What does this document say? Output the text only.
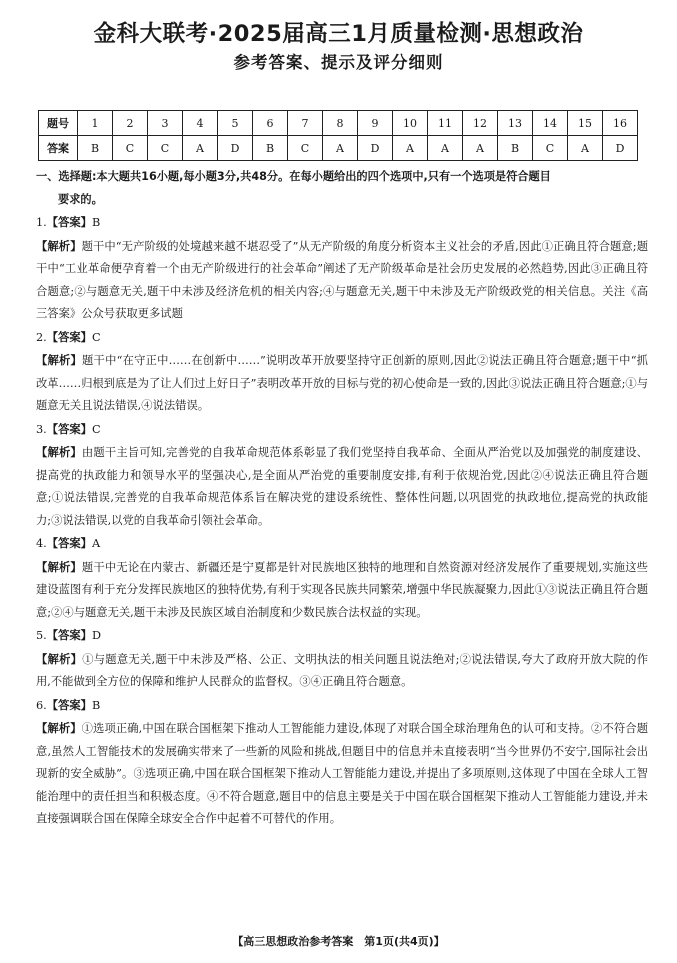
金科大联考·2025届高三1月质量检测·思想政治
参考答案、提示及评分细则
题号	1	2	3	4	5	6	7	8	9	10	11	12	13	14	15	16
答案	B	C	C	A	D	B	C	A	D	A	A	A	B	C	A	D
一、选择题:本大题共16小题,每小题3分,共48分。在每小题给出的四个选项中,只有一个选项是符合题目
要求的。
1.【答案】B
【解析】题干中“无产阶级的处境越来越不堪忍受了”从无产阶级的角度分析资本主义社会的矛盾,因此①正确且符合题意;题干中“工业革命便孕育着一个由无产阶级进行的社会革命”阐述了无产阶级革命是社会历史发展的必然趋势,因此③正确且符合题意;②与题意无关,题干中未涉及经济危机的相关内容;④与题意无关,题干中未涉及无产阶级政党的相关信息。关注《高三答案》公众号获取更多试题
2.【答案】C
【解析】题干中“在守正中……在创新中……”说明改革开放要坚持守正创新的原则,因此②说法正确且符合题意;题干中“抓改革……归根到底是为了让人们过上好日子”表明改革开放的目标与党的初心使命是一致的,因此③说法正确且符合题意;①与题意无关且说法错误,④说法错误。
3.【答案】C
【解析】由题干主旨可知,完善党的自我革命规范体系彰显了我们党坚持自我革命、全面从严治党以及加强党的制度建设、提高党的执政能力和领导水平的坚强决心,是全面从严治党的重要制度安排,有利于依规治党,因此②④说法正确且符合题意;①说法错误,完善党的自我革命规范体系旨在解决党的建设系统性、整体性问题,以巩固党的执政地位,提高党的执政能力;③说法错误,以党的自我革命引领社会革命。
4.【答案】A
【解析】题干中无论在内蒙古、新疆还是宁夏都是针对民族地区独特的地理和自然资源对经济发展作了重要规划,实施这些建设蓝图有利于充分发挥民族地区的独特优势,有利于实现各民族共同繁荣,增强中华民族凝聚力,因此①③说法正确且符合题意;②④与题意无关,题干未涉及民族区域自治制度和少数民族合法权益的实现。
5.【答案】D
【解析】①与题意无关,题干中未涉及严格、公正、文明执法的相关问题且说法绝对;②说法错误,夸大了政府开放大院的作用,不能做到全方位的保障和维护人民群众的监督权。③④正确且符合题意。
6.【答案】B
【解析】①选项正确,中国在联合国框架下推动人工智能能力建设,体现了对联合国全球治理角色的认可和支持。②不符合题意,虽然人工智能技术的发展确实带来了一些新的风险和挑战,但题目中的信息并未直接表明“当今世界仍不安宁,国际社会出现新的安全威胁”。③选项正确,中国在联合国框架下推动人工智能能力建设,并提出了多项原则,这体现了中国在全球人工智能治理中的责任担当和积极态度。④不符合题意,题目中的信息主要是关于中国在联合国框架下推动人工智能能力建设,并未直接强调联合国在保障全球安全合作中起着不可替代的作用。
【高三思想政治参考答案　第1页(共4页)】
